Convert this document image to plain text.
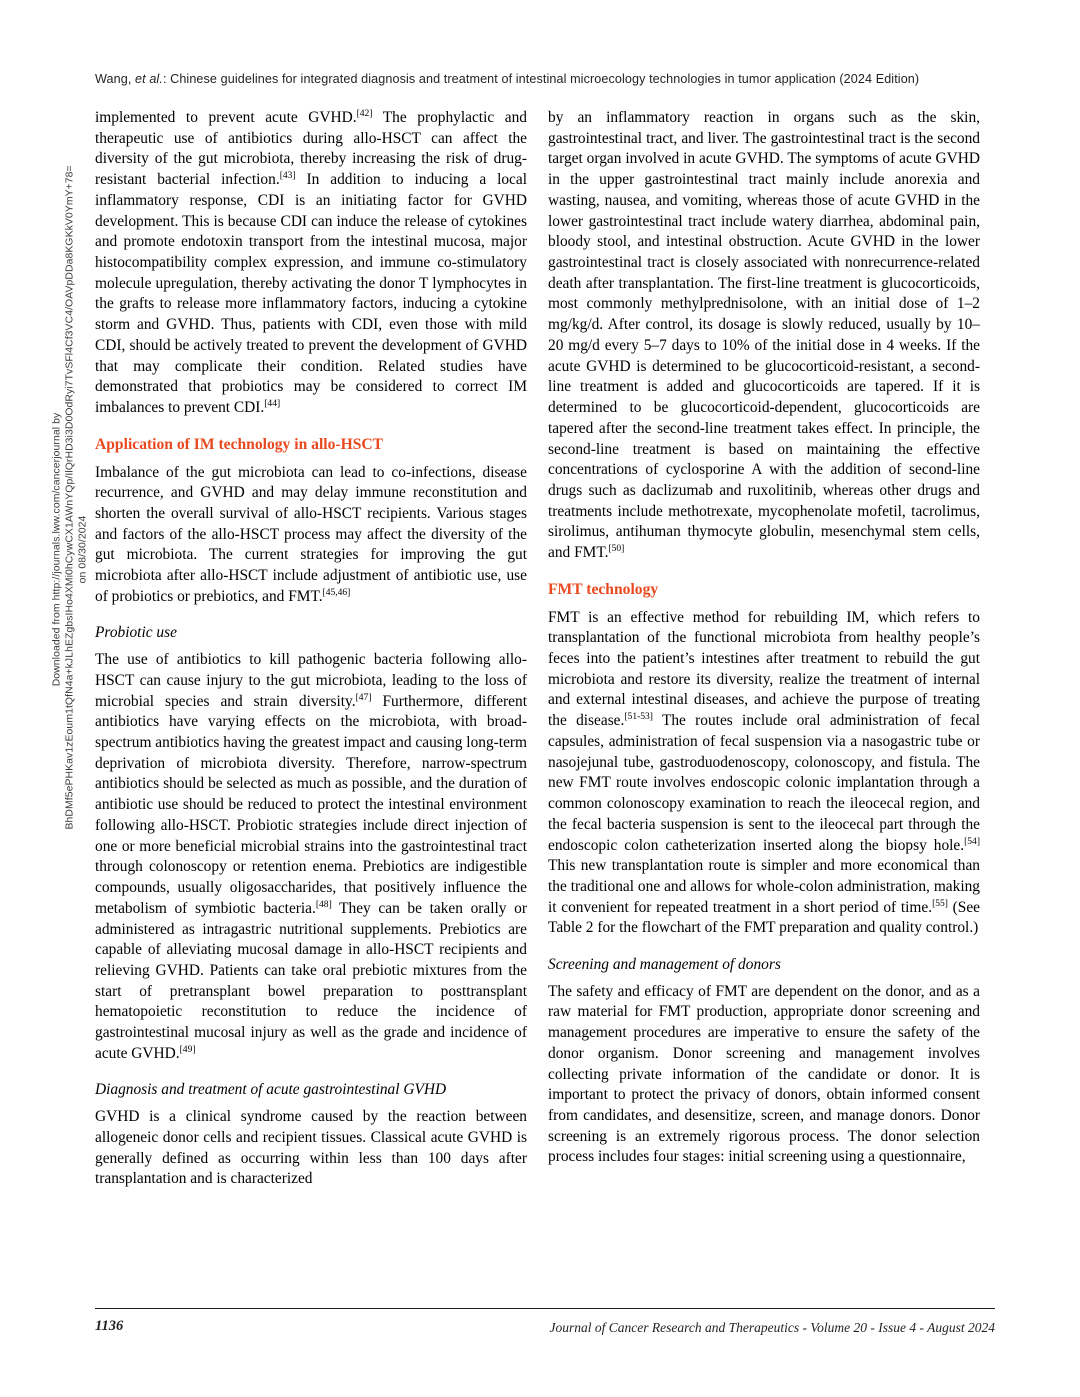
Wang, et al.: Chinese guidelines for integrated diagnosis and treatment of intestinal microecology technologies in tumor application (2024 Edition)
Downloaded from http://journals.lww.com/cancerjournal by BhDMf5ePHKav1zEoum1tQfN4a+kJLhEZgbsIHo4XMi0hCywCX1AWnYQp/IlQrHD3i3D0OdRyi7TvSFl4Cf3VC4/OAVpDDa8KGKkV0YmY+78= on 08/30/2024

implemented to prevent acute GVHD.[42] The prophylactic and therapeutic use of antibiotics during allo-HSCT can affect the diversity of the gut microbiota, thereby increasing the risk of drug-resistant bacterial infection.[43] In addition to inducing a local inflammatory response, CDI is an initiating factor for GVHD development. This is because CDI can induce the release of cytokines and promote endotoxin transport from the intestinal mucosa, major histocompatibility complex expression, and immune co-stimulatory molecule upregulation, thereby activating the donor T lymphocytes in the grafts to release more inflammatory factors, inducing a cytokine storm and GVHD. Thus, patients with CDI, even those with mild CDI, should be actively treated to prevent the development of GVHD that may complicate their condition. Related studies have demonstrated that probiotics may be considered to correct IM imbalances to prevent CDI.[44]

Application of IM technology in allo-HSCT

Imbalance of the gut microbiota can lead to co-infections, disease recurrence, and GVHD and may delay immune reconstitution and shorten the overall survival of allo-HSCT recipients. Various stages and factors of the allo-HSCT process may affect the diversity of the gut microbiota. The current strategies for improving the gut microbiota after allo-HSCT include adjustment of antibiotic use, use of probiotics or prebiotics, and FMT.[45,46]

Probiotic use

The use of antibiotics to kill pathogenic bacteria following allo-HSCT can cause injury to the gut microbiota, leading to the loss of microbial species and strain diversity.[47] Furthermore, different antibiotics have varying effects on the microbiota, with broad-spectrum antibiotics having the greatest impact and causing long-term deprivation of microbiota diversity. Therefore, narrow-spectrum antibiotics should be selected as much as possible, and the duration of antibiotic use should be reduced to protect the intestinal environment following allo-HSCT. Probiotic strategies include direct injection of one or more beneficial microbial strains into the gastrointestinal tract through colonoscopy or retention enema. Prebiotics are indigestible compounds, usually oligosaccharides, that positively influence the metabolism of symbiotic bacteria.[48] They can be taken orally or administered as intragastric nutritional supplements. Prebiotics are capable of alleviating mucosal damage in allo-HSCT recipients and relieving GVHD. Patients can take oral prebiotic mixtures from the start of pretransplant bowel preparation to posttransplant hematopoietic reconstitution to reduce the incidence of gastrointestinal mucosal injury as well as the grade and incidence of acute GVHD.[49]

Diagnosis and treatment of acute gastrointestinal GVHD

GVHD is a clinical syndrome caused by the reaction between allogeneic donor cells and recipient tissues. Classical acute GVHD is generally defined as occurring within less than 100 days after transplantation and is characterized

by an inflammatory reaction in organs such as the skin, gastrointestinal tract, and liver. The gastrointestinal tract is the second target organ involved in acute GVHD. The symptoms of acute GVHD in the upper gastrointestinal tract mainly include anorexia and wasting, nausea, and vomiting, whereas those of acute GVHD in the lower gastrointestinal tract include watery diarrhea, abdominal pain, bloody stool, and intestinal obstruction. Acute GVHD in the lower gastrointestinal tract is closely associated with nonrecurrence-related death after transplantation. The first-line treatment is glucocorticoids, most commonly methylprednisolone, with an initial dose of 1–2 mg/kg/d. After control, its dosage is slowly reduced, usually by 10–20 mg/d every 5–7 days to 10% of the initial dose in 4 weeks. If the acute GVHD is determined to be glucocorticoid-resistant, a second-line treatment is added and glucocorticoids are tapered. If it is determined to be glucocorticoid-dependent, glucocorticoids are tapered after the second-line treatment takes effect. In principle, the second-line treatment is based on maintaining the effective concentrations of cyclosporine A with the addition of second-line drugs such as daclizumab and ruxolitinib, whereas other drugs and treatments include methotrexate, mycophenolate mofetil, tacrolimus, sirolimus, antihuman thymocyte globulin, mesenchymal stem cells, and FMT.[50]

FMT technology

FMT is an effective method for rebuilding IM, which refers to transplantation of the functional microbiota from healthy people’s feces into the patient’s intestines after treatment to rebuild the gut microbiota and restore its diversity, realize the treatment of internal and external intestinal diseases, and achieve the purpose of treating the disease.[51-53] The routes include oral administration of fecal capsules, administration of fecal suspension via a nasogastric tube or nasojejunal tube, gastroduodenoscopy, colonoscopy, and fistula. The new FMT route involves endoscopic colonic implantation through a common colonoscopy examination to reach the ileocecal region, and the fecal bacteria suspension is sent to the ileocecal part through the endoscopic colon catheterization inserted along the biopsy hole.[54] This new transplantation route is simpler and more economical than the traditional one and allows for whole-colon administration, making it convenient for repeated treatment in a short period of time.[55] (See Table 2 for the flowchart of the FMT preparation and quality control.)

Screening and management of donors

The safety and efficacy of FMT are dependent on the donor, and as a raw material for FMT production, appropriate donor screening and management procedures are imperative to ensure the safety of the donor organism. Donor screening and management involves collecting private information of the candidate or donor. It is important to protect the privacy of donors, obtain informed consent from candidates, and desensitize, screen, and manage donors. Donor screening is an extremely rigorous process. The donor selection process includes four stages: initial screening using a questionnaire,

1136	Journal of Cancer Research and Therapeutics - Volume 20 - Issue 4 - August 2024
